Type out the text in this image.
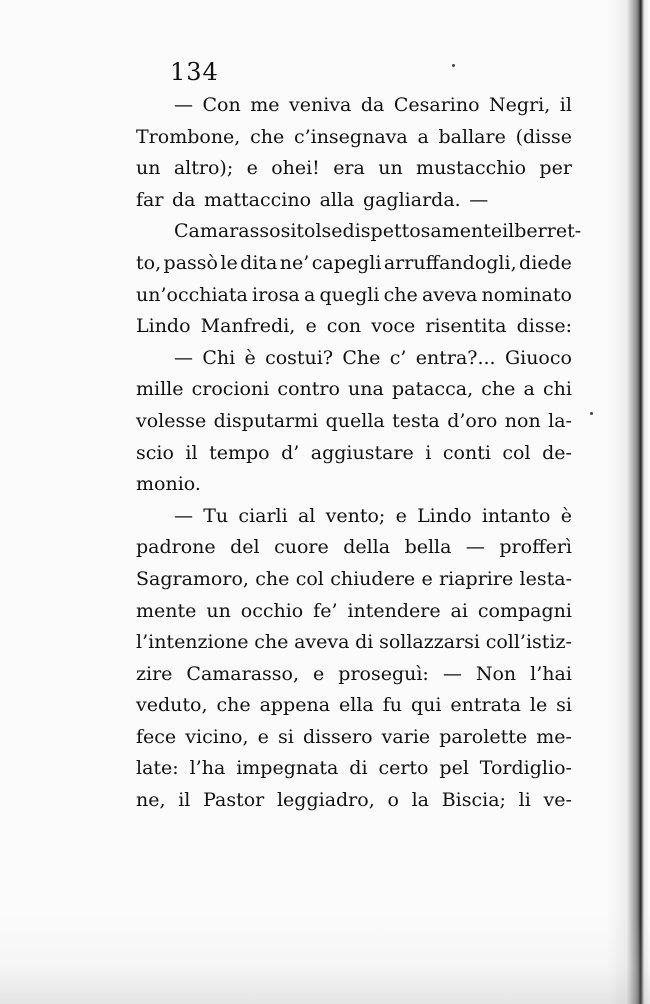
134
— Con me veniva da Cesarino Negri, il
Trombone, che c’insegnava a ballare (disse
un altro); e ohei! era un mustacchio per
far da mattaccino alla gagliarda. —
Camarasso si tolse dispettosamente il berret-
to, passò le dita ne’ capegli arruffandogli, diede
un’occhiata irosa a quegli che aveva nominato
Lindo Manfredi, e con voce risentita disse:
— Chi è costui? Che c’ entra?... Giuoco
mille crocioni contro una patacca, che a chi
volesse disputarmi quella testa d’oro non la-
scio il tempo d’ aggiustare i conti col de-
monio.
— Tu ciarli al vento; e Lindo intanto è
padrone del cuore della bella — profferì
Sagramoro, che col chiudere e riaprire lesta-
mente un occhio fe’ intendere ai compagni
l’intenzione che aveva di sollazzarsi coll’istiz-
zire Camarasso, e proseguì: — Non l’hai
veduto, che appena ella fu qui entrata le si
fece vicino, e si dissero varie parolette me-
late: l’ha impegnata di certo pel Tordiglio-
ne, il Pastor leggiadro, o la Biscia; li ve-
